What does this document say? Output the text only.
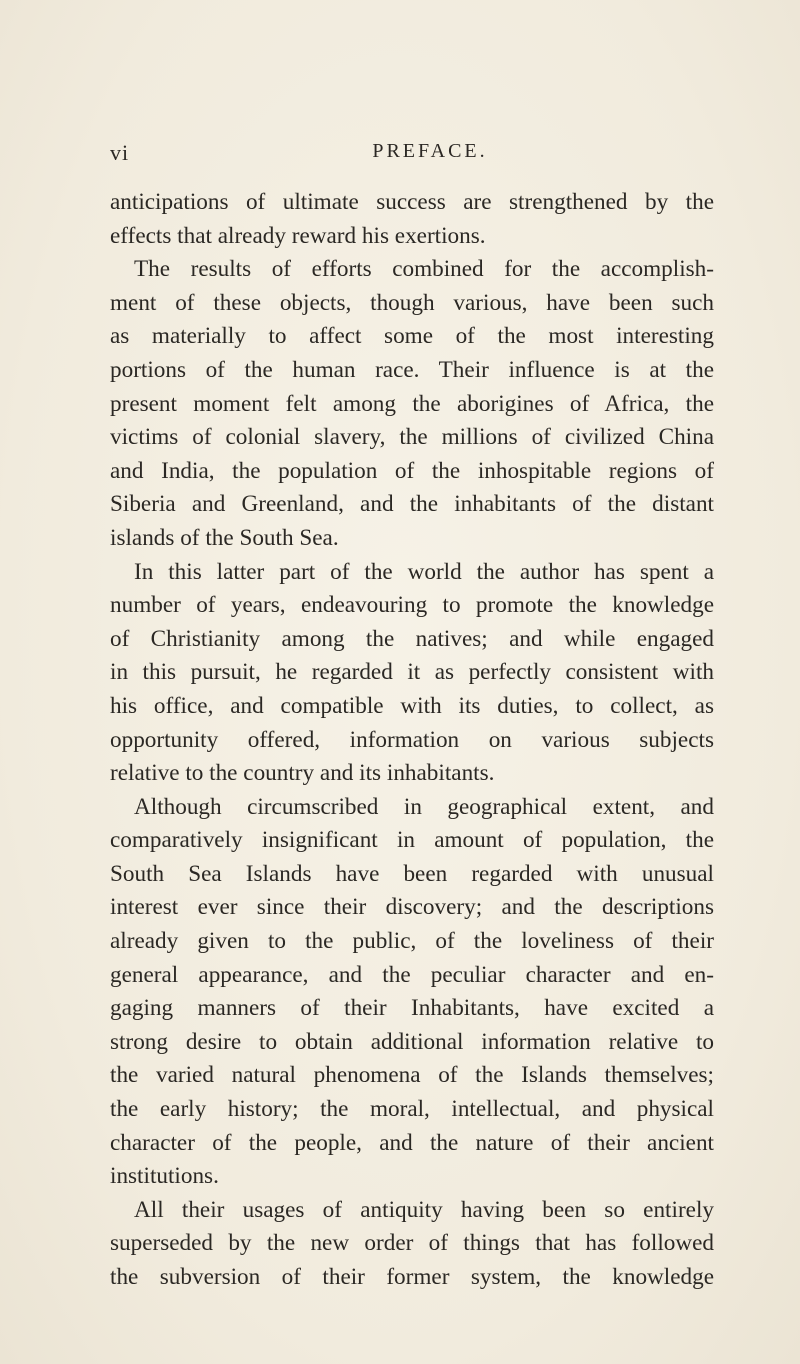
vi	PREFACE.
anticipations of ultimate success are strengthened by the
effects that already reward his exertions.
The results of efforts combined for the accomplish-
ment of these objects, though various, have been such
as materially to affect some of the most interesting
portions of the human race. Their influence is at the
present moment felt among the aborigines of Africa, the
victims of colonial slavery, the millions of civilized China
and India, the population of the inhospitable regions of
Siberia and Greenland, and the inhabitants of the distant
islands of the South Sea.
In this latter part of the world the author has spent a
number of years, endeavouring to promote the knowledge
of Christianity among the natives; and while engaged
in this pursuit, he regarded it as perfectly consistent with
his office, and compatible with its duties, to collect, as
opportunity offered, information on various subjects
relative to the country and its inhabitants.
Although circumscribed in geographical extent, and
comparatively insignificant in amount of population, the
South Sea Islands have been regarded with unusual
interest ever since their discovery; and the descriptions
already given to the public, of the loveliness of their
general appearance, and the peculiar character and en-
gaging manners of their Inhabitants, have excited a
strong desire to obtain additional information relative to
the varied natural phenomena of the Islands themselves;
the early history; the moral, intellectual, and physical
character of the people, and the nature of their ancient
institutions.
All their usages of antiquity having been so entirely
superseded by the new order of things that has followed
the subversion of their former system, the knowledge
